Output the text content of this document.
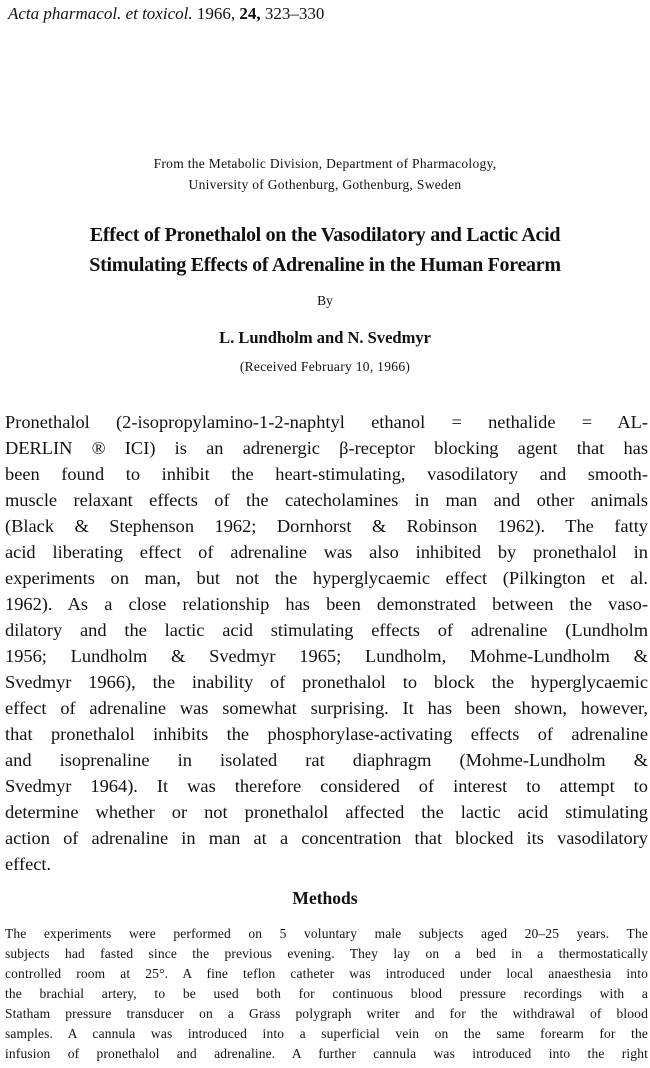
Acta pharmacol. et toxicol. 1966, 24, 323–330
From the Metabolic Division, Department of Pharmacology,
University of Gothenburg, Gothenburg, Sweden
Effect of Pronethalol on the Vasodilatory and Lactic Acid
Stimulating Effects of Adrenaline in the Human Forearm
By
L. Lundholm and N. Svedmyr
(Received February 10, 1966)
Pronethalol (2-isopropylamino-1-2-naphtyl ethanol = nethalide = AL-
DERLIN ® ICI) is an adrenergic β-receptor blocking agent that has
been found to inhibit the heart-stimulating, vasodilatory and smooth-
muscle relaxant effects of the catecholamines in man and other animals
(Black & Stephenson 1962; Dornhorst & Robinson 1962). The fatty
acid liberating effect of adrenaline was also inhibited by pronethalol in
experiments on man, but not the hyperglycaemic effect (Pilkington et al.
1962). As a close relationship has been demonstrated between the vaso-
dilatory and the lactic acid stimulating effects of adrenaline (Lundholm
1956; Lundholm & Svedmyr 1965; Lundholm, Mohme-Lundholm &
Svedmyr 1966), the inability of pronethalol to block the hyperglycaemic
effect of adrenaline was somewhat surprising. It has been shown, however,
that pronethalol inhibits the phosphorylase-activating effects of adrenaline
and isoprenaline in isolated rat diaphragm (Mohme-Lundholm &
Svedmyr 1964). It was therefore considered of interest to attempt to
determine whether or not pronethalol affected the lactic acid stimulating
action of adrenaline in man at a concentration that blocked its vasodilatory
effect.
Methods
The experiments were performed on 5 voluntary male subjects aged 20–25 years. The
subjects had fasted since the previous evening. They lay on a bed in a thermostatically
controlled room at 25°. A fine teflon catheter was introduced under local anaesthesia into
the brachial artery, to be used both for continuous blood pressure recordings with a
Statham pressure transducer on a Grass polygraph writer and for the withdrawal of blood
samples. A cannula was introduced into a superficial vein on the same forearm for the
infusion of pronethalol and adrenaline. A further cannula was introduced into the right
